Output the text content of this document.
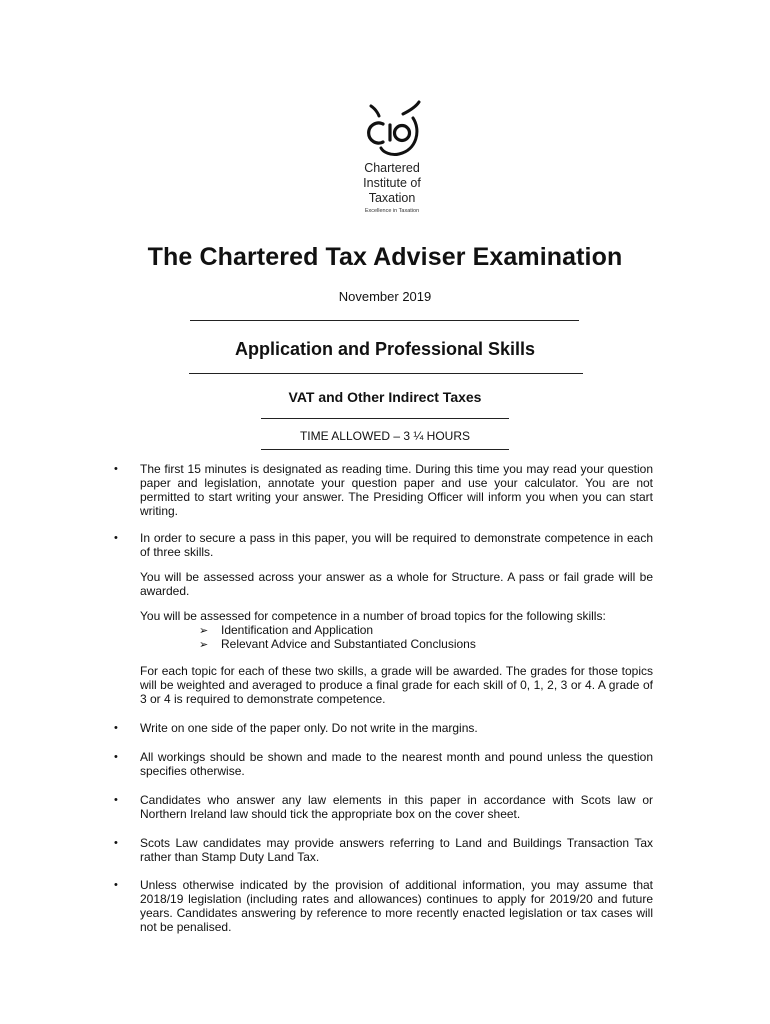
Chartered
Institute of
Taxation
Excellence in Taxation
The Chartered Tax Adviser Examination
November 2019
Application and Professional Skills
VAT and Other Indirect Taxes
TIME ALLOWED – 3 ¼ HOURS
• The first 15 minutes is designated as reading time. During this time you may read your question paper and legislation, annotate your question paper and use your calculator. You are not permitted to start writing your answer. The Presiding Officer will inform you when you can start writing.
• In order to secure a pass in this paper, you will be required to demonstrate competence in each of three skills.
You will be assessed across your answer as a whole for Structure. A pass or fail grade will be awarded.
You will be assessed for competence in a number of broad topics for the following skills:
➢ Identification and Application
➢ Relevant Advice and Substantiated Conclusions
For each topic for each of these two skills, a grade will be awarded. The grades for those topics will be weighted and averaged to produce a final grade for each skill of 0, 1, 2, 3 or 4. A grade of 3 or 4 is required to demonstrate competence.
• Write on one side of the paper only. Do not write in the margins.
• All workings should be shown and made to the nearest month and pound unless the question specifies otherwise.
• Candidates who answer any law elements in this paper in accordance with Scots law or Northern Ireland law should tick the appropriate box on the cover sheet.
• Scots Law candidates may provide answers referring to Land and Buildings Transaction Tax rather than Stamp Duty Land Tax.
• Unless otherwise indicated by the provision of additional information, you may assume that 2018/19 legislation (including rates and allowances) continues to apply for 2019/20 and future years. Candidates answering by reference to more recently enacted legislation or tax cases will not be penalised.
